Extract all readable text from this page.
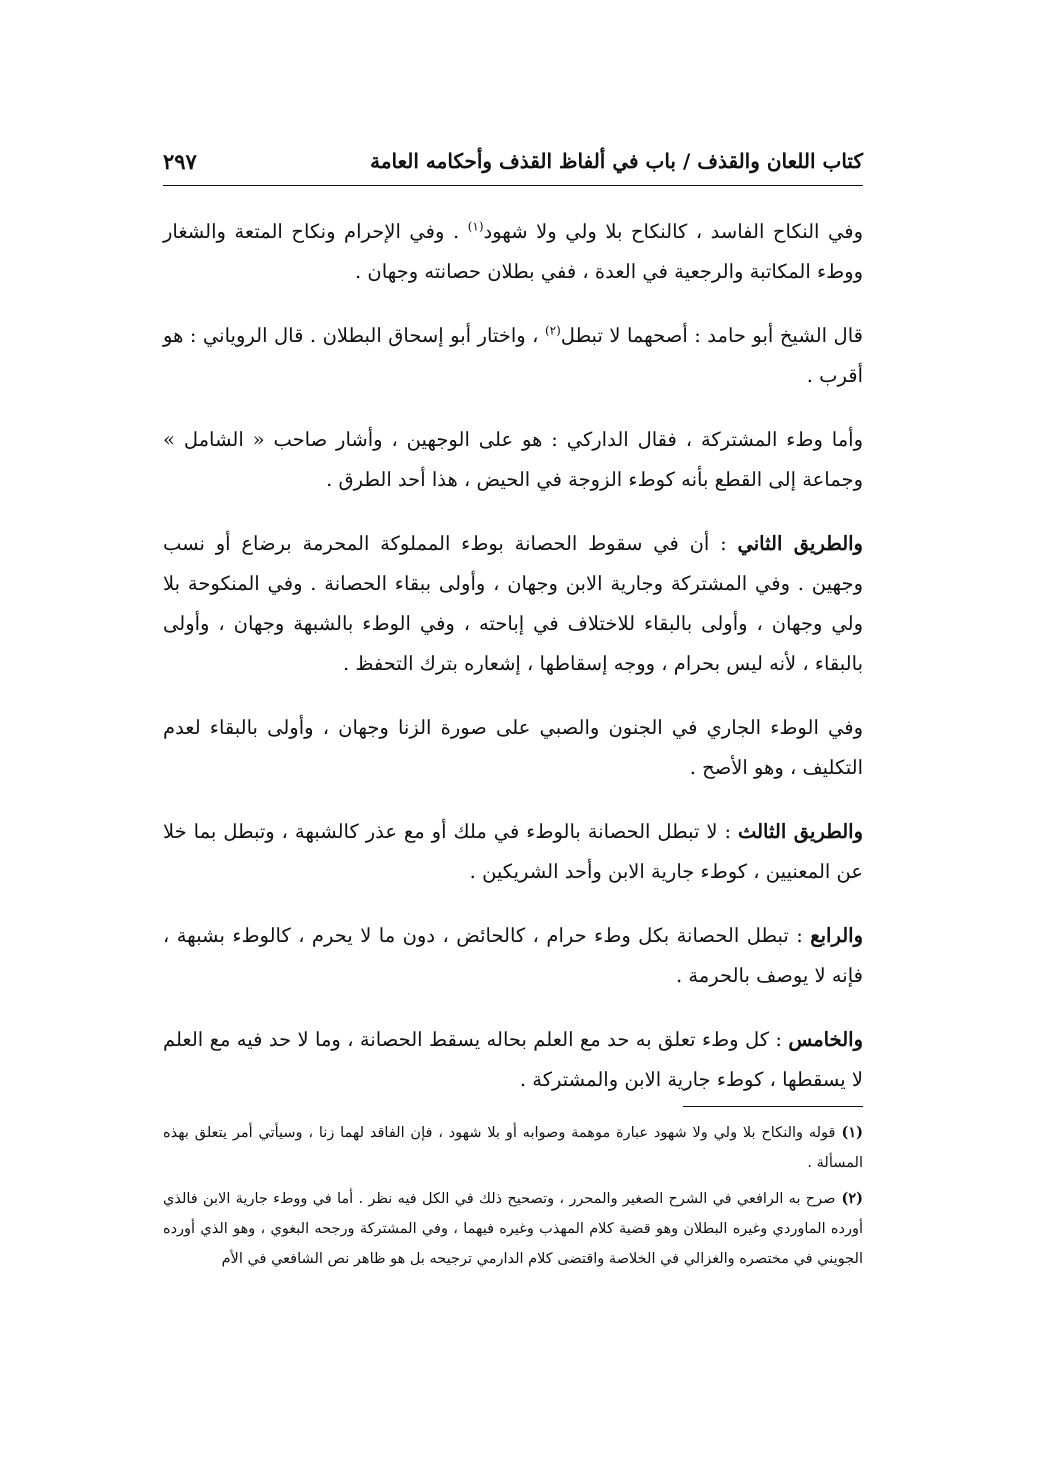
كتاب اللعان والقذف / باب في ألفاظ القذف وأحكامه العامة
٢٩٧

وفي النكاح الفاسد ، كالنكاح بلا ولي ولا شهود$^{(١)}$ . وفي الإحرام ونكاح المتعة والشغار ووطء المكاتبة والرجعية في العدة ، ففي بطلان حصانته وجهان .

قال الشيخ أبو حامد : أصحهما لا تبطل$^{(٢)}$ ، واختار أبو إسحاق البطلان . قال الروياني : هو أقرب .

وأما وطء المشتركة ، فقال الداركي : هو على الوجهين ، وأشار صاحب « الشامل » وجماعة إلى القطع بأنه كوطء الزوجة في الحيض ، هذا أحد الطرق .

والطريق الثاني : أن في سقوط الحصانة بوطء المملوكة المحرمة برضاع أو نسب وجهين . وفي المشتركة وجارية الابن وجهان ، وأولى ببقاء الحصانة . وفي المنكوحة بلا ولي وجهان ، وأولى بالبقاء للاختلاف في إباحته ، وفي الوطء بالشبهة وجهان ، وأولى بالبقاء ، لأنه ليس بحرام ، ووجه إسقاطها ، إشعاره بترك التحفظ .

وفي الوطء الجاري في الجنون والصبي على صورة الزنا وجهان ، وأولى بالبقاء لعدم التكليف ، وهو الأصح .

والطريق الثالث : لا تبطل الحصانة بالوطء في ملك أو مع عذر كالشبهة ، وتبطل بما خلا عن المعنيين ، كوطء جارية الابن وأحد الشريكين .

والرابع : تبطل الحصانة بكل وطء حرام ، كالحائض ، دون ما لا يحرم ، كالوطء بشبهة ، فإنه لا يوصف بالحرمة .

والخامس : كل وطء تعلق به حد مع العلم بحاله يسقط الحصانة ، وما لا حد فيه مع العلم لا يسقطها ، كوطء جارية الابن والمشتركة .

(١)قوله والنكاح بلا ولي ولا شهود عبارة موهمة وصوابه أو بلا شهود ، فإن الفاقد لهما زنا ، وسيأتي أمر يتعلق بهذه المسألة .

(٢)صرح به الرافعي في الشرح الصغير والمحرر ، وتصحيح ذلك في الكل فيه نظر . أما في ووطء جارية الابن فالذي أورده الماوردي وغيره البطلان وهو قضية كلام المهذب وغيره فيهما ، وفي المشتركة ورجحه البغوي ، وهو الذي أورده الجويني في مختصره والغزالي في الخلاصة واقتضى كلام الدارمي ترجيحه بل هو ظاهر نص الشافعي في الأم
